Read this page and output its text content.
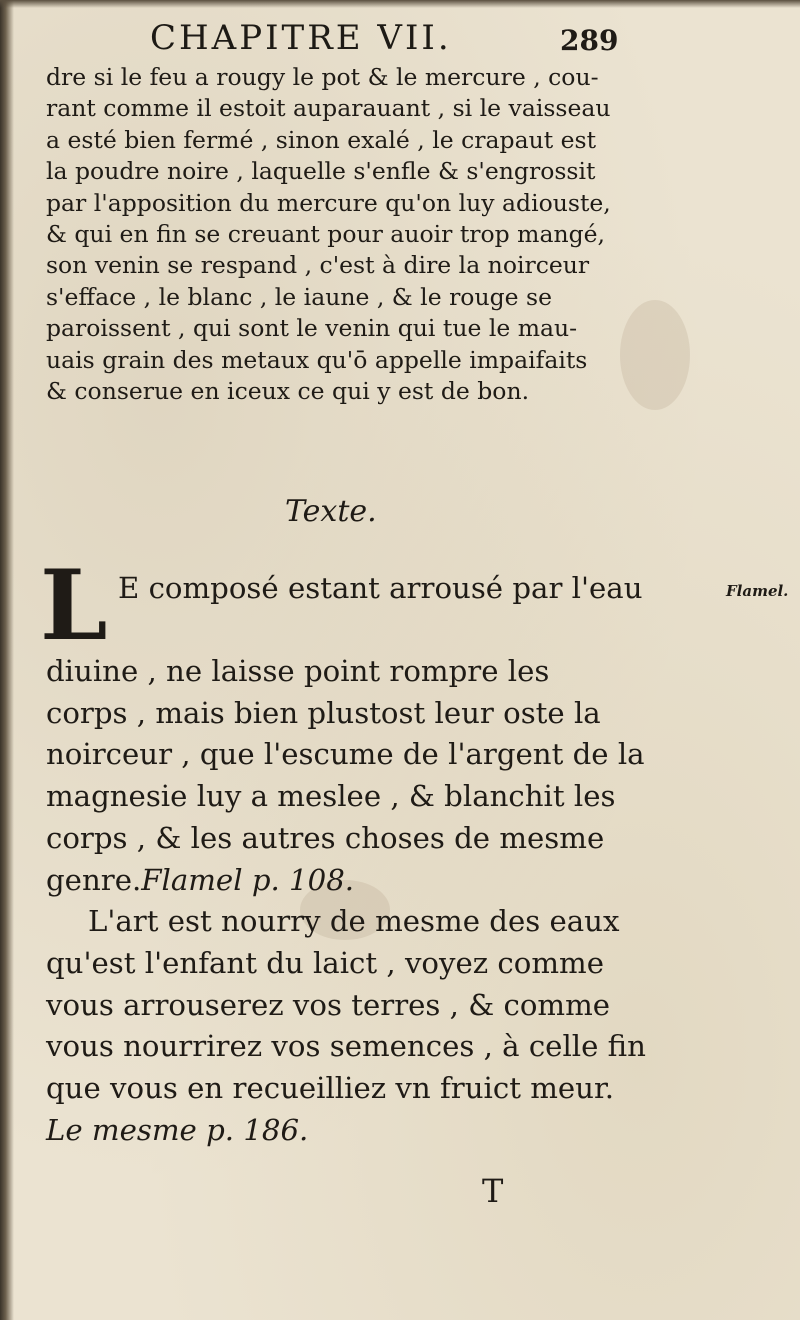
CHAPITRE VII.	289

dre si le feu a rougy le pot & le mercure , cou-
rant comme il estoit auparauant , si le vaisseau
a esté bien fermé , sinon exalé , le crapaut est
la poudre noire , laquelle s'enfle & s'engrossit
par l'apposition du mercure qu'on luy adiouste,
& qui en fin se creuant pour auoir trop mangé,
son venin se respand , c'est à dire la noirceur
s'efface , le blanc , le iaune , & le rouge se
paroissent , qui sont le venin qui tue le mau-
uais grain des metaux qu'ō appelle impaifaits
& conserue en iceux ce qui y est de bon.

Texte.
L E composé estant arrousé par l'eau	Flamel.

diuine , ne laisse point rompre les
corps , mais bien plustost leur oste la
noirceur , que l'escume de l'argent de la
magnesie luy a meslee , & blanchit les
corps , & les autres choses de mesme
genre.Flamel p. 108.
L'art est nourry de mesme des eaux
qu'est l'enfant du laict , voyez comme
vous arrouserez vos terres , & comme
vous nourrirez vos semences , à celle fin
que vous en recueilliez vn fruict meur.
Le mesme p. 186.

T
